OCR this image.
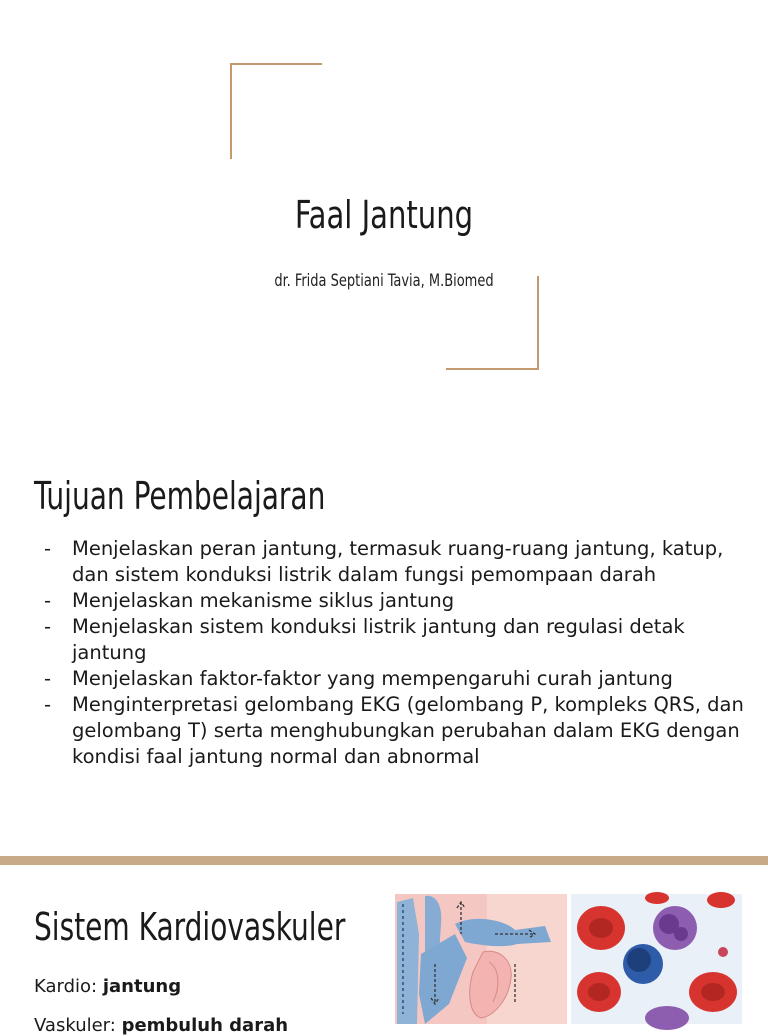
Faal Jantung
dr. Frida Septiani Tavia, M.Biomed
Tujuan Pembelajaran
- Menjelaskan peran jantung, termasuk ruang-ruang jantung, katup, dan sistem konduksi listrik dalam fungsi pemompaan darah
- Menjelaskan mekanisme siklus jantung
- Menjelaskan sistem konduksi listrik jantung dan regulasi detak jantung
- Menjelaskan faktor-faktor yang mempengaruhi curah jantung
- Menginterpretasi gelombang EKG (gelombang P, kompleks QRS, dan gelombang T) serta menghubungkan perubahan dalam EKG dengan kondisi faal jantung normal dan abnormal
Sistem Kardiovaskuler
Kardio: jantung
Vaskuler: pembuluh darah
